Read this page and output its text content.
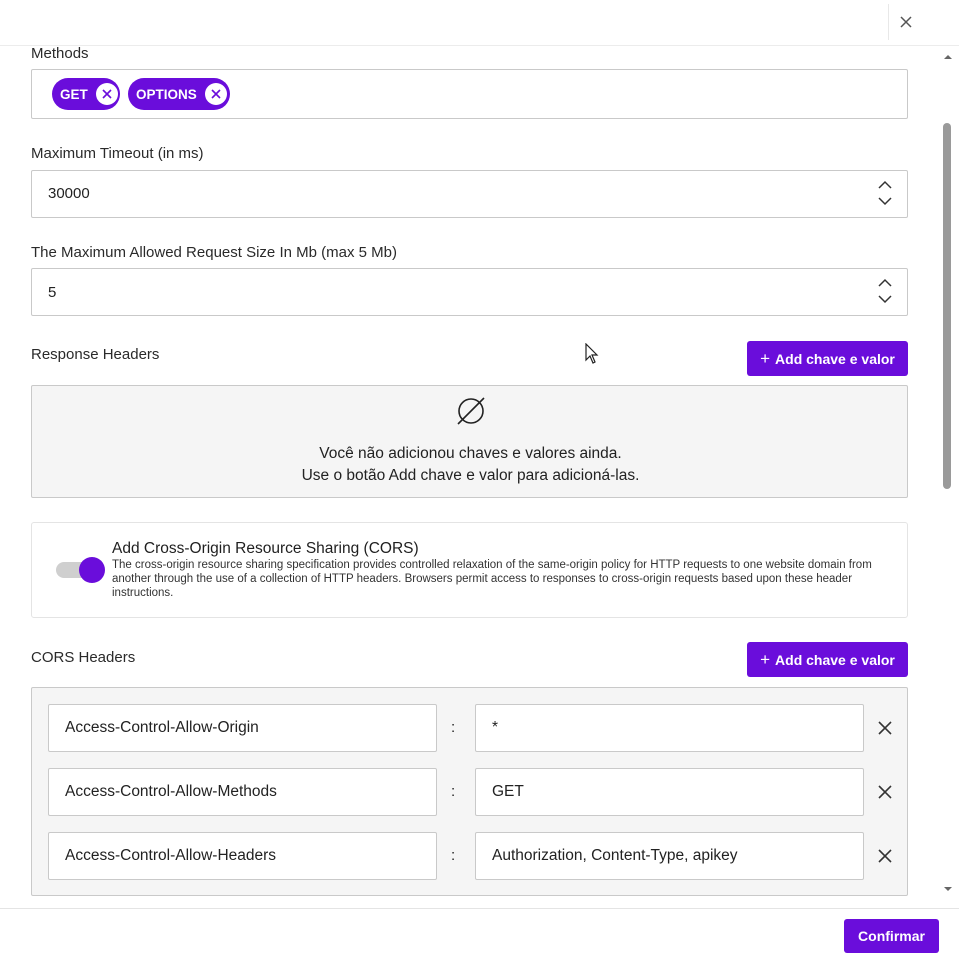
Methods
GET	OPTIONS
Maximum Timeout (in ms)
30000
The Maximum Allowed Request Size In Mb (max 5 Mb)
5
Response Headers	+ Add chave e valor
Você não adicionou chaves e valores ainda.
Use o botão Add chave e valor para adicioná-las.
Add Cross-Origin Resource Sharing (CORS)
The cross-origin resource sharing specification provides controlled relaxation of the same-origin policy for HTTP requests to one website domain from another through the use of a collection of HTTP headers. Browsers permit access to responses to cross-origin requests based upon these header instructions.
CORS Headers	+ Add chave e valor
Access-Control-Allow-Origin	:	*
Access-Control-Allow-Methods	:	GET
Access-Control-Allow-Headers	:	Authorization, Content-Type, apikey
Confirmar
